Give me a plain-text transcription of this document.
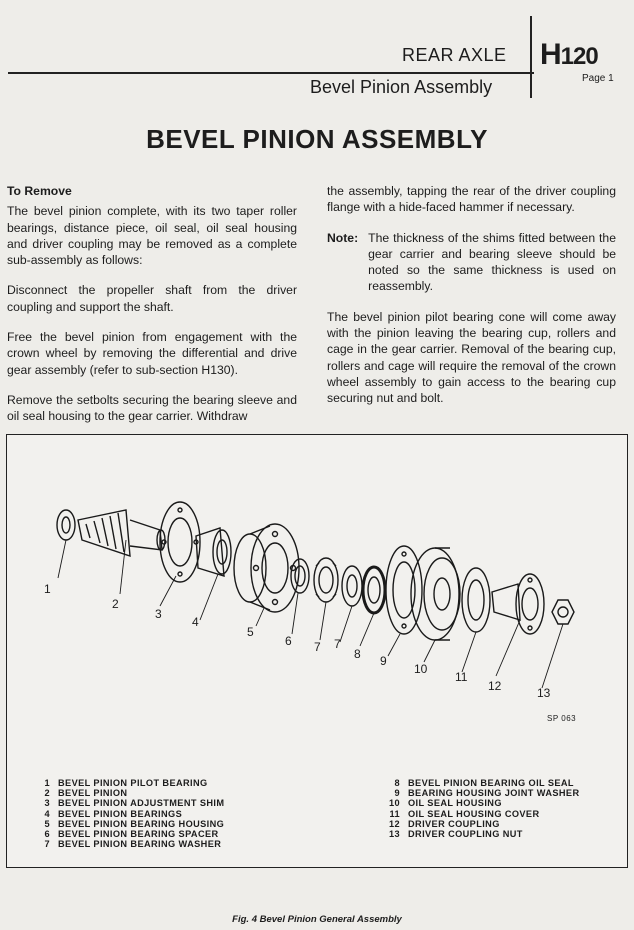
REAR AXLE
Bevel Pinion Assembly
H120
Page 1
BEVEL PINION ASSEMBLY

To Remove

The bevel pinion complete, with its two taper roller bearings, distance piece, oil seal, oil seal housing and driver coupling may be removed as a complete sub-assembly as follows:

Disconnect the propeller shaft from the driver coupling and support the shaft.

Free the bevel pinion from engagement with the crown wheel by removing the differential and drive gear assembly (refer to sub-section H130).

Remove the setbolts securing the bearing sleeve and oil seal housing to the gear carrier. Withdraw

the assembly, tapping the rear of the driver coupling flange with a hide-faced hammer if necessary.

Note: The thickness of the shims fitted between the gear carrier and bearing sleeve should be noted so the same thickness is used on reassembly.

The bevel pinion pilot bearing cone will come away with the pinion leaving the bearing cup, rollers and cage in the gear carrier. Removal of the bearing cup, rollers and cage will require the removal of the crown wheel assembly to gain access to the bearing cup securing nut and bolt.

1
2
3
4
5
6 7 7
8 9
10
11
12	13
SP 063
1 BEVEL PINION PILOT BEARING
2 BEVEL PINION
3 BEVEL PINION ADJUSTMENT SHIM
4 BEVEL PINION BEARINGS
5 BEVEL PINION BEARING HOUSING
6 BEVEL PINION BEARING SPACER
7 BEVEL PINION BEARING WASHER
8 BEVEL PINION BEARING OIL SEAL
9 BEARING HOUSING JOINT WASHER
10 OIL SEAL HOUSING
11 OIL SEAL HOUSING COVER
12 DRIVER COUPLING
13 DRIVER COUPLING NUT
Fig. 4 Bevel Pinion General Assembly
